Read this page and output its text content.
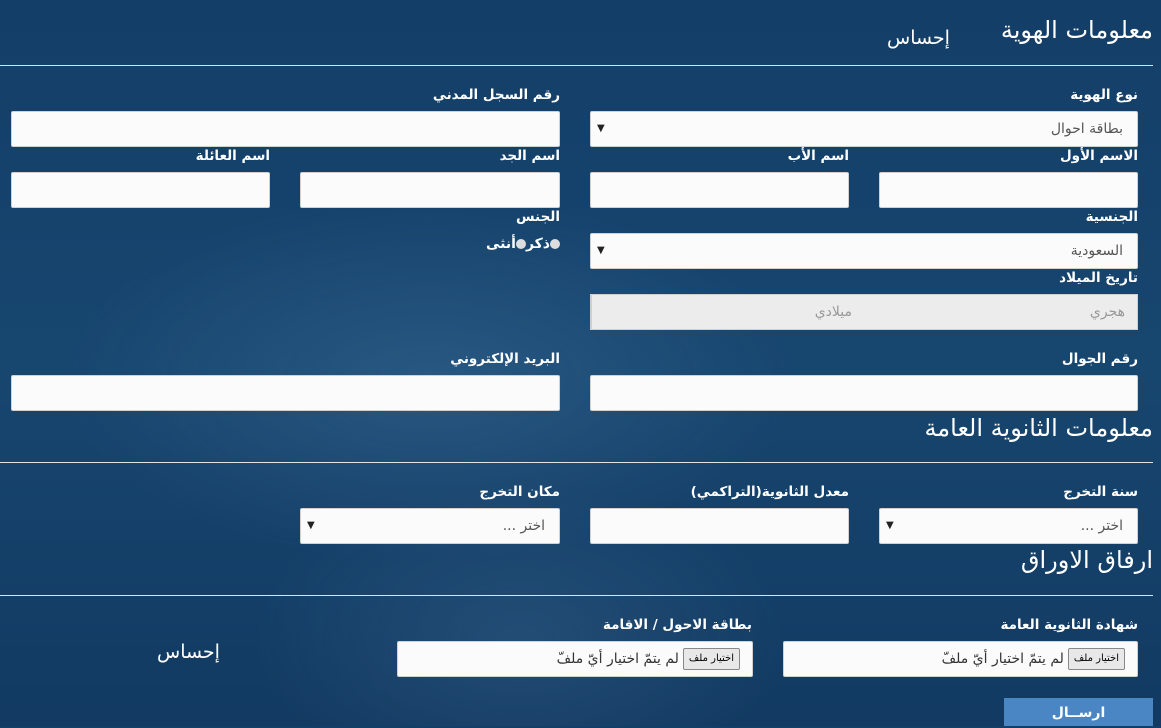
معلومات الهوية
إحساس
نوع الهوية
رقم السجل المدني
بطاقة احوال
▼
الاسم الأول
اسم الأب
اسم الجد
اسم العائلة
الجنسية
الجنس
السعودية
▼
ذكرأنثى
تاريخ الميلاد
هجري
ميلادي
رقم الجوال
البريد الإلكتروني
معلومات الثانوية العامة
سنة التخرج
معدل الثانوية(التراكمي)
مكان التخرج
اختر ...
▼
اختر ...
▼
ارفاق الاوراق
شهادة الثانوية العامة
بطاقة الاحول / الاقامة
اختيار ملفلم يتمّ اختيار أيّ ملفّ
اختيار ملفلم يتمّ اختيار أيّ ملفّ
إحساس
ارســال
